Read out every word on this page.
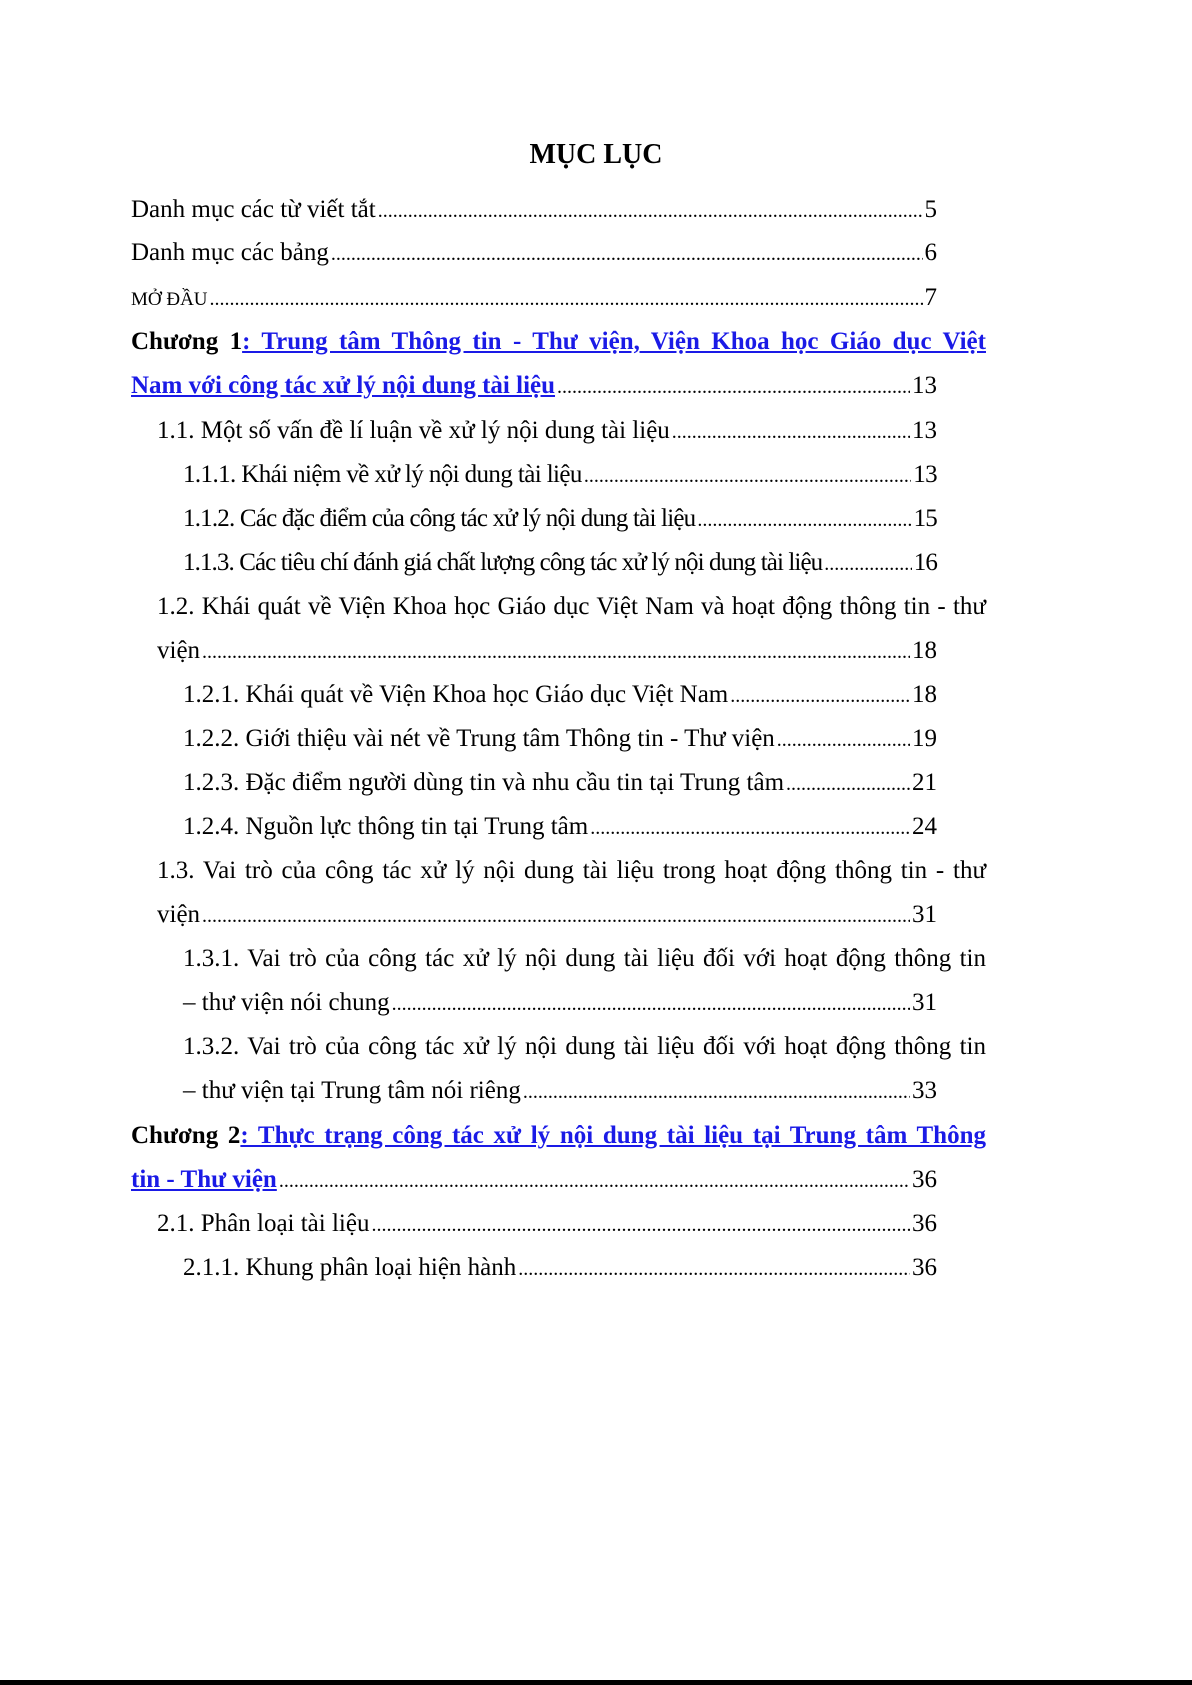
MỤC LỤC
Danh mục các từ viết tắt .....	5
Danh mục các bảng .....	6
MỞ ĐẦU .....	7
Chương 1: Trung tâm Thông tin - Thư viện, Viện Khoa học Giáo dục Việt
Nam với công tác xử lý nội dung tài liệu .....	13
1.1. Một số vấn đề lí luận về xử lý nội dung tài liệu .....	13
1.1.1. Khái niệm về xử lý nội dung tài liệu .....	13
1.1.2. Các đặc điểm của công tác xử lý nội dung tài liệu .....	15
1.1.3. Các tiêu chí đánh giá chất lượng công tác xử lý nội dung tài liệu .....	16
1.2. Khái quát về Viện Khoa học Giáo dục Việt Nam và hoạt động thông tin - thư
viện .....	18
1.2.1. Khái quát về Viện Khoa học Giáo dục Việt Nam .....	18
1.2.2. Giới thiệu vài nét về Trung tâm Thông tin - Thư viện .....	19
1.2.3. Đặc điểm người dùng tin và nhu cầu tin tại Trung tâm .....	21
1.2.4. Nguồn lực thông tin tại Trung tâm .....	24
1.3. Vai trò của công tác xử lý nội dung tài liệu trong hoạt động thông tin - thư
viện .....	31
1.3.1. Vai trò của công tác xử lý nội dung tài liệu đối với hoạt động thông tin
– thư viện nói chung .....	31
1.3.2. Vai trò của công tác xử lý nội dung tài liệu đối với hoạt động thông tin
– thư viện tại Trung tâm nói riêng .....	33
Chương 2: Thực trạng công tác xử lý nội dung tài liệu tại Trung tâm Thông
tin - Thư viện .....	36
2.1. Phân loại tài liệu .....	36
2.1.1. Khung phân loại hiện hành .....	36
